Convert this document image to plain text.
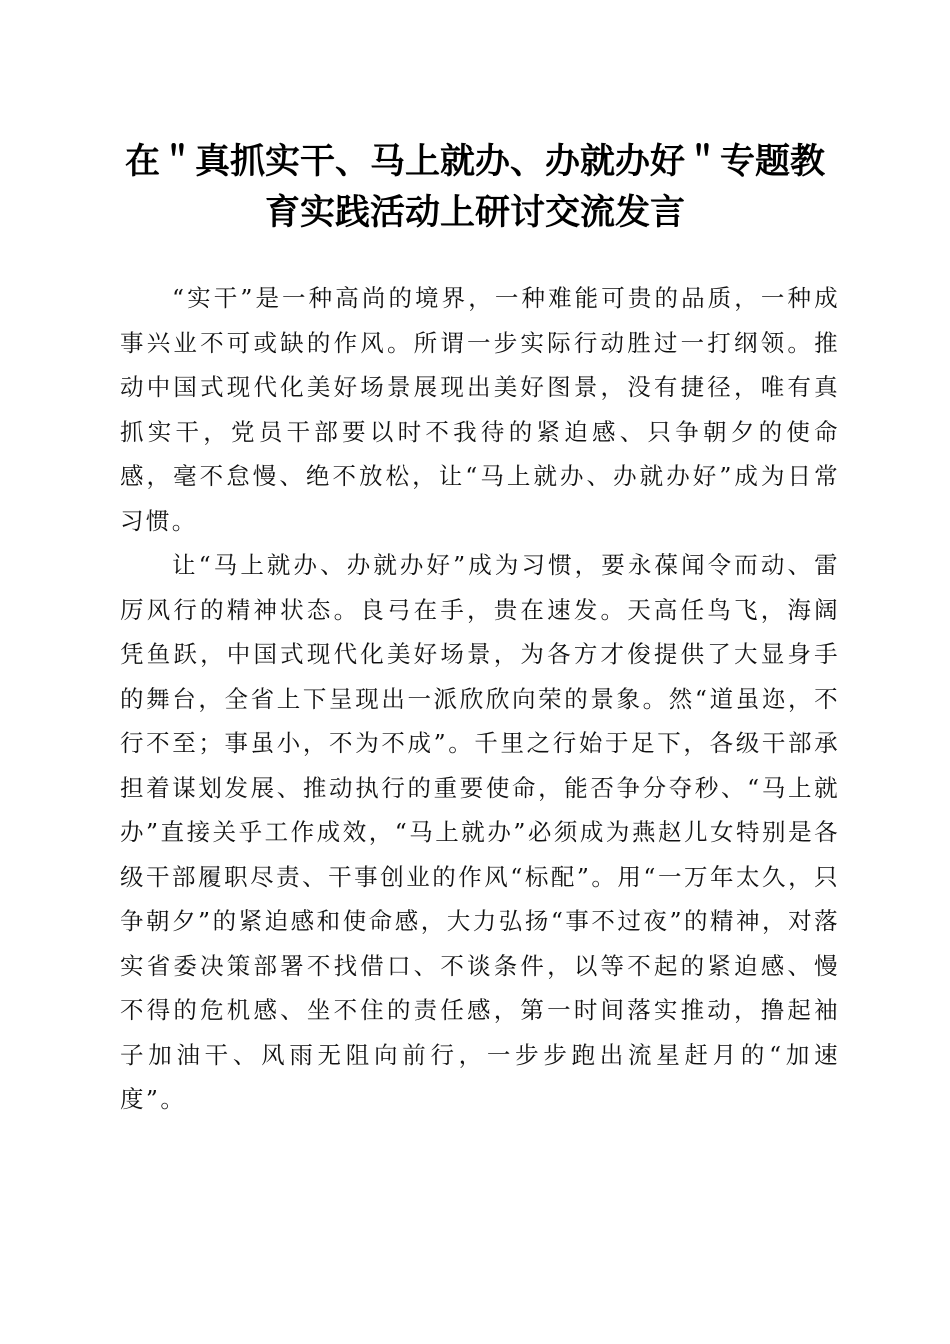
在＂真抓实干、马上就办、办就办好＂专题教
育实践活动上研讨交流发言

“实干”是一种高尚的境界，一种难能可贵的品质，一种成事兴业不可或缺的作风。所谓一步实际行动胜过一打纲领。推动中国式现代化美好场景展现出美好图景，没有捷径，唯有真抓实干，党员干部要以时不我待的紧迫感、只争朝夕的使命感，毫不怠慢、绝不放松，让“马上就办、办就办好”成为日常习惯。

让“马上就办、办就办好”成为习惯，要永葆闻令而动、雷厉风行的精神状态。良弓在手，贵在速发。天高任鸟飞，海阔凭鱼跃，中国式现代化美好场景，为各方才俊提供了大显身手的舞台，全省上下呈现出一派欣欣向荣的景象。然“道虽迩，不行不至；事虽小，不为不成”。千里之行始于足下，各级干部承担着谋划发展、推动执行的重要使命，能否争分夺秒、“马上就办”直接关乎工作成效，“马上就办”必须成为燕赵儿女特别是各级干部履职尽责、干事创业的作风“标配”。用“一万年太久，只争朝夕”的紧迫感和使命感，大力弘扬“事不过夜”的精神，对落实省委决策部署不找借口、不谈条件，以等不起的紧迫感、慢不得的危机感、坐不住的责任感，第一时间落实推动，撸起袖子加油干、风雨无阻向前行，一步步跑出流星赶月的“加速度”。
